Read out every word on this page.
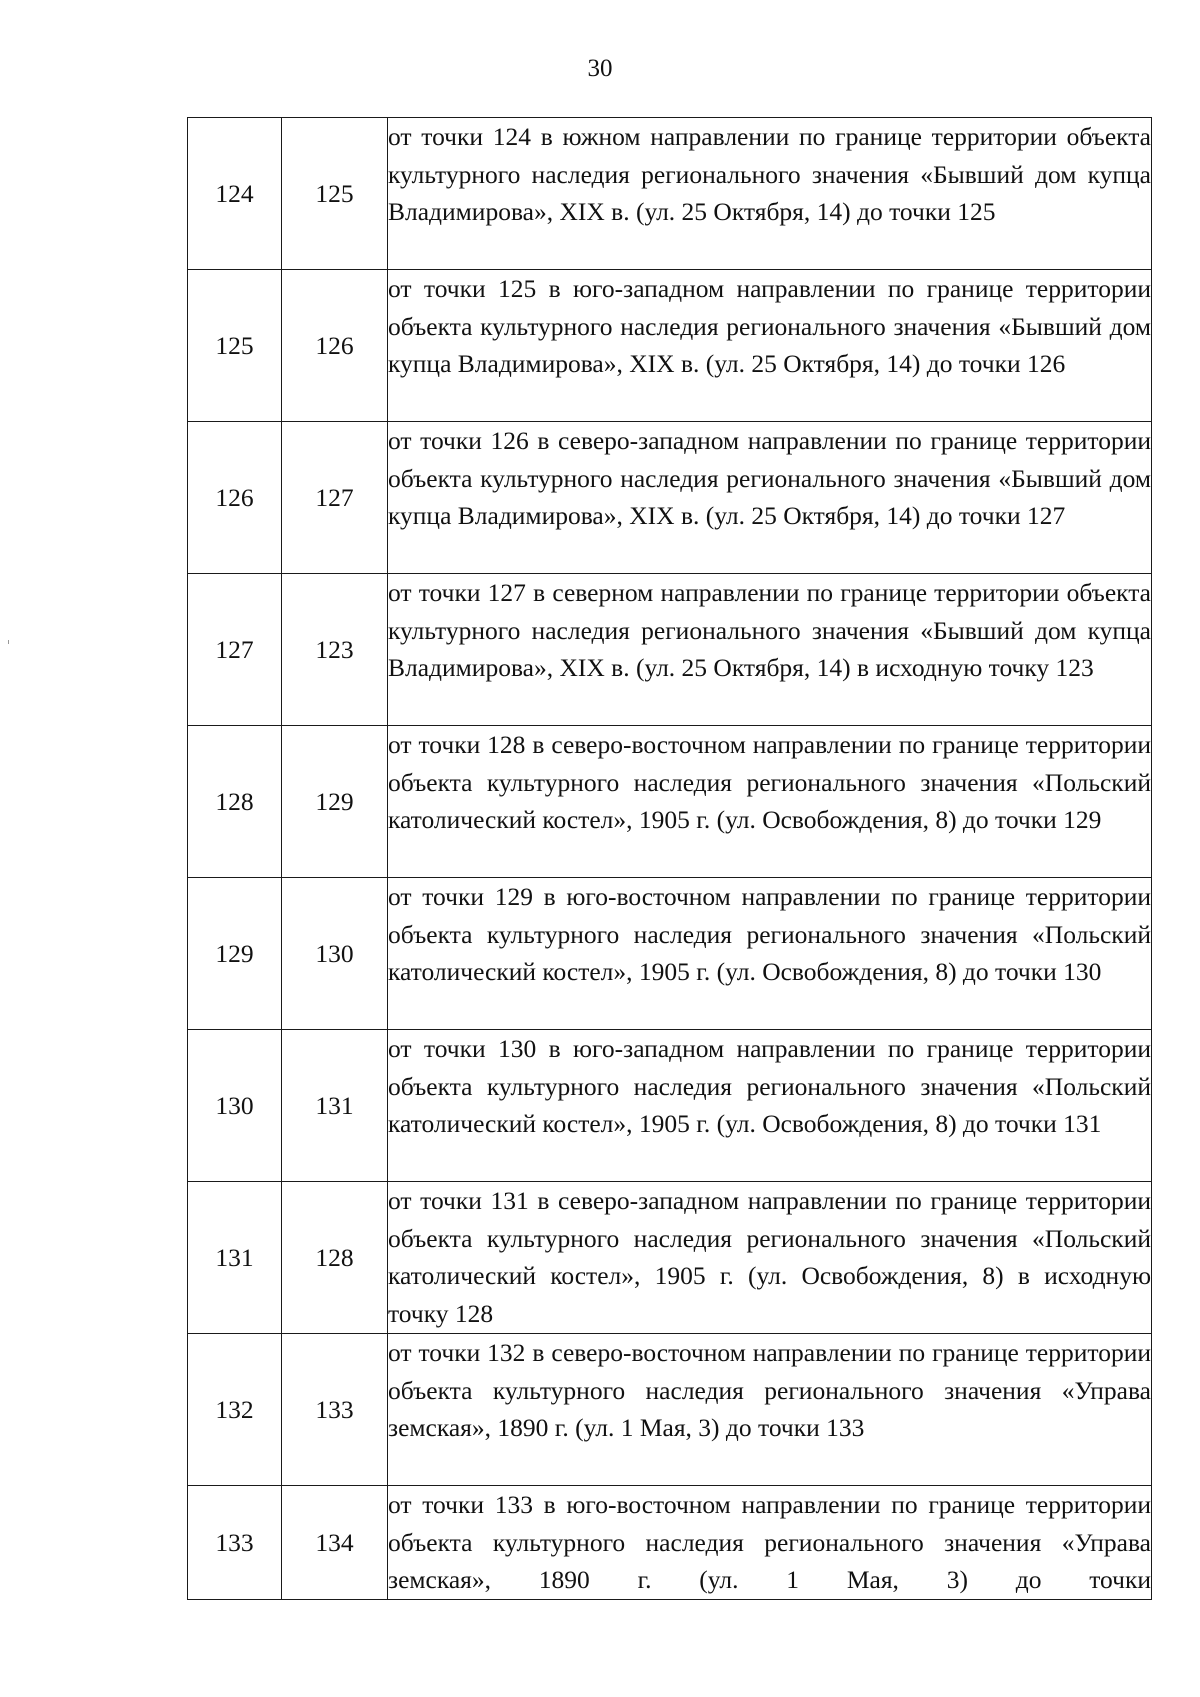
30
124	125	от точки 124 в южном направлении по границе территории объекта культурного наследия регионального значения «Бывший дом купца Владимирова», XIX в. (ул. 25 Октября, 14) до точки 125

125	126	от точки 125 в юго-западном направлении по границе территории объекта культурного наследия регионального значения «Бывший дом купца Владимирова», XIX в. (ул. 25 Октября, 14) до точки 126

126	127	от точки 126 в северо-западном направлении по границе территории объекта культурного наследия регионального значения «Бывший дом купца Владимирова», XIX в. (ул. 25 Октября, 14) до точки 127

127	123	от точки 127 в северном направлении по границе территории объекта культурного наследия регионального значения «Бывший дом купца Владимирова», XIX в. (ул. 25 Октября, 14) в исходную точку 123

128	129	от точки 128 в северо-восточном направлении по границе территории объекта культурного наследия регионального значения «Польский католический костел», 1905 г. (ул. Освобождения, 8) до точки 129

129	130	от точки 129 в юго-восточном направлении по границе территории объекта культурного наследия регионального значения «Польский католический костел», 1905 г. (ул. Освобождения, 8) до точки 130

130	131	от точки 130 в юго-западном направлении по границе территории объекта культурного наследия регионального значения «Польский католический костел», 1905 г. (ул. Освобождения, 8) до точки 131

131	128	от точки 131 в северо-западном направлении по границе территории объекта культурного наследия регионального значения «Польский католический костел», 1905 г. (ул. Освобождения, 8) в исходную точку 128

132	133	от точки 132 в северо-восточном направлении по границе территории объекта культурного наследия регионального значения «Управа земская», 1890 г. (ул. 1 Мая, 3) до точки 133

133	134	от точки 133 в юго-восточном направлении по границе территории объекта культурного наследия регионального значения «Управа земская», 1890 г. (ул. 1 Мая, 3) до точки
